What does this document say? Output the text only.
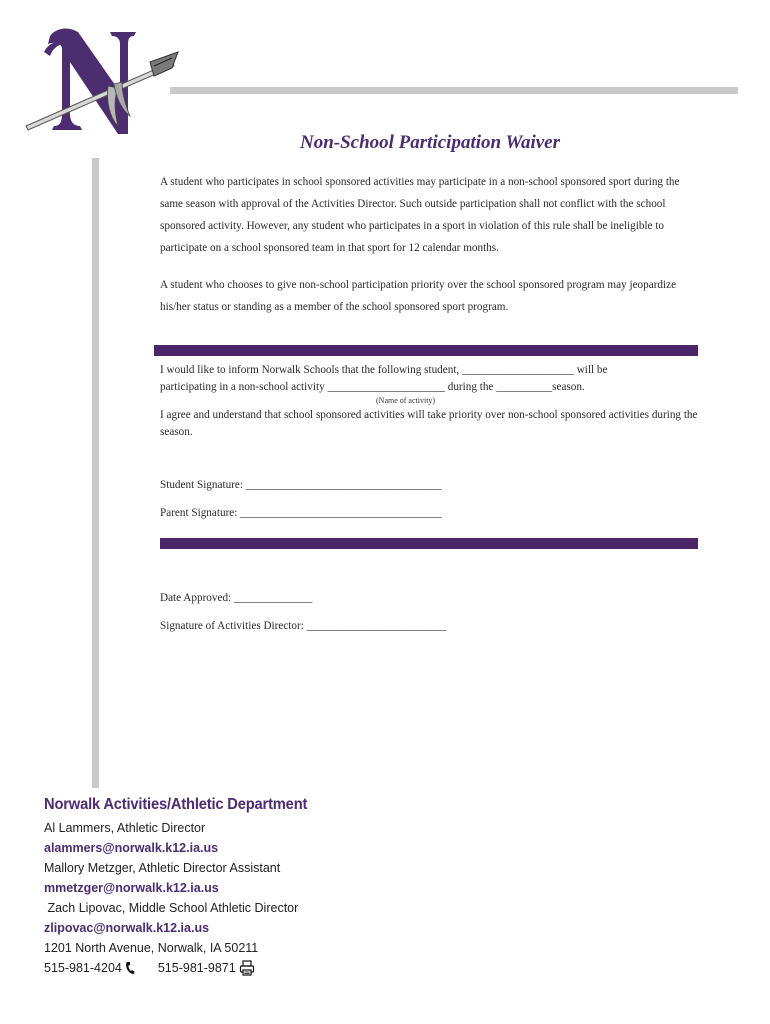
Non-School Participation Waiver
A student who participates in school sponsored activities may participate in a non-school sponsored sport during the same season with approval of the Activities Director. Such outside participation shall not conflict with the school sponsored activity. However, any student who participates in a sport in violation of this rule shall be ineligible to participate on a school sponsored team in that sport for 12 calendar months.
A student who chooses to give non-school participation priority over the school sponsored program may jeopardize his/her status or standing as a member of the school sponsored sport program.
I would like to inform Norwalk Schools that the following student, ____________________ will be
participating in a non-school activity _____________________ during the __________season.
(Name of activity)
I agree and understand that school sponsored activities will take priority over non-school sponsored activities during the season.
Student Signature: ___________________________________
Parent Signature: ____________________________________
Date Approved: ______________
Signature of Activities Director: _________________________
Norwalk Activities/Athletic Department
Al Lammers, Athletic Director
alammers@norwalk.k12.ia.us
Mallory Metzger, Athletic Director Assistant
mmetzger@norwalk.k12.ia.us
Zach Lipovac, Middle School Athletic Director
zlipovac@norwalk.k12.ia.us
1201 North Avenue, Norwalk, IA 50211
515-981-4204	515-981-9871
